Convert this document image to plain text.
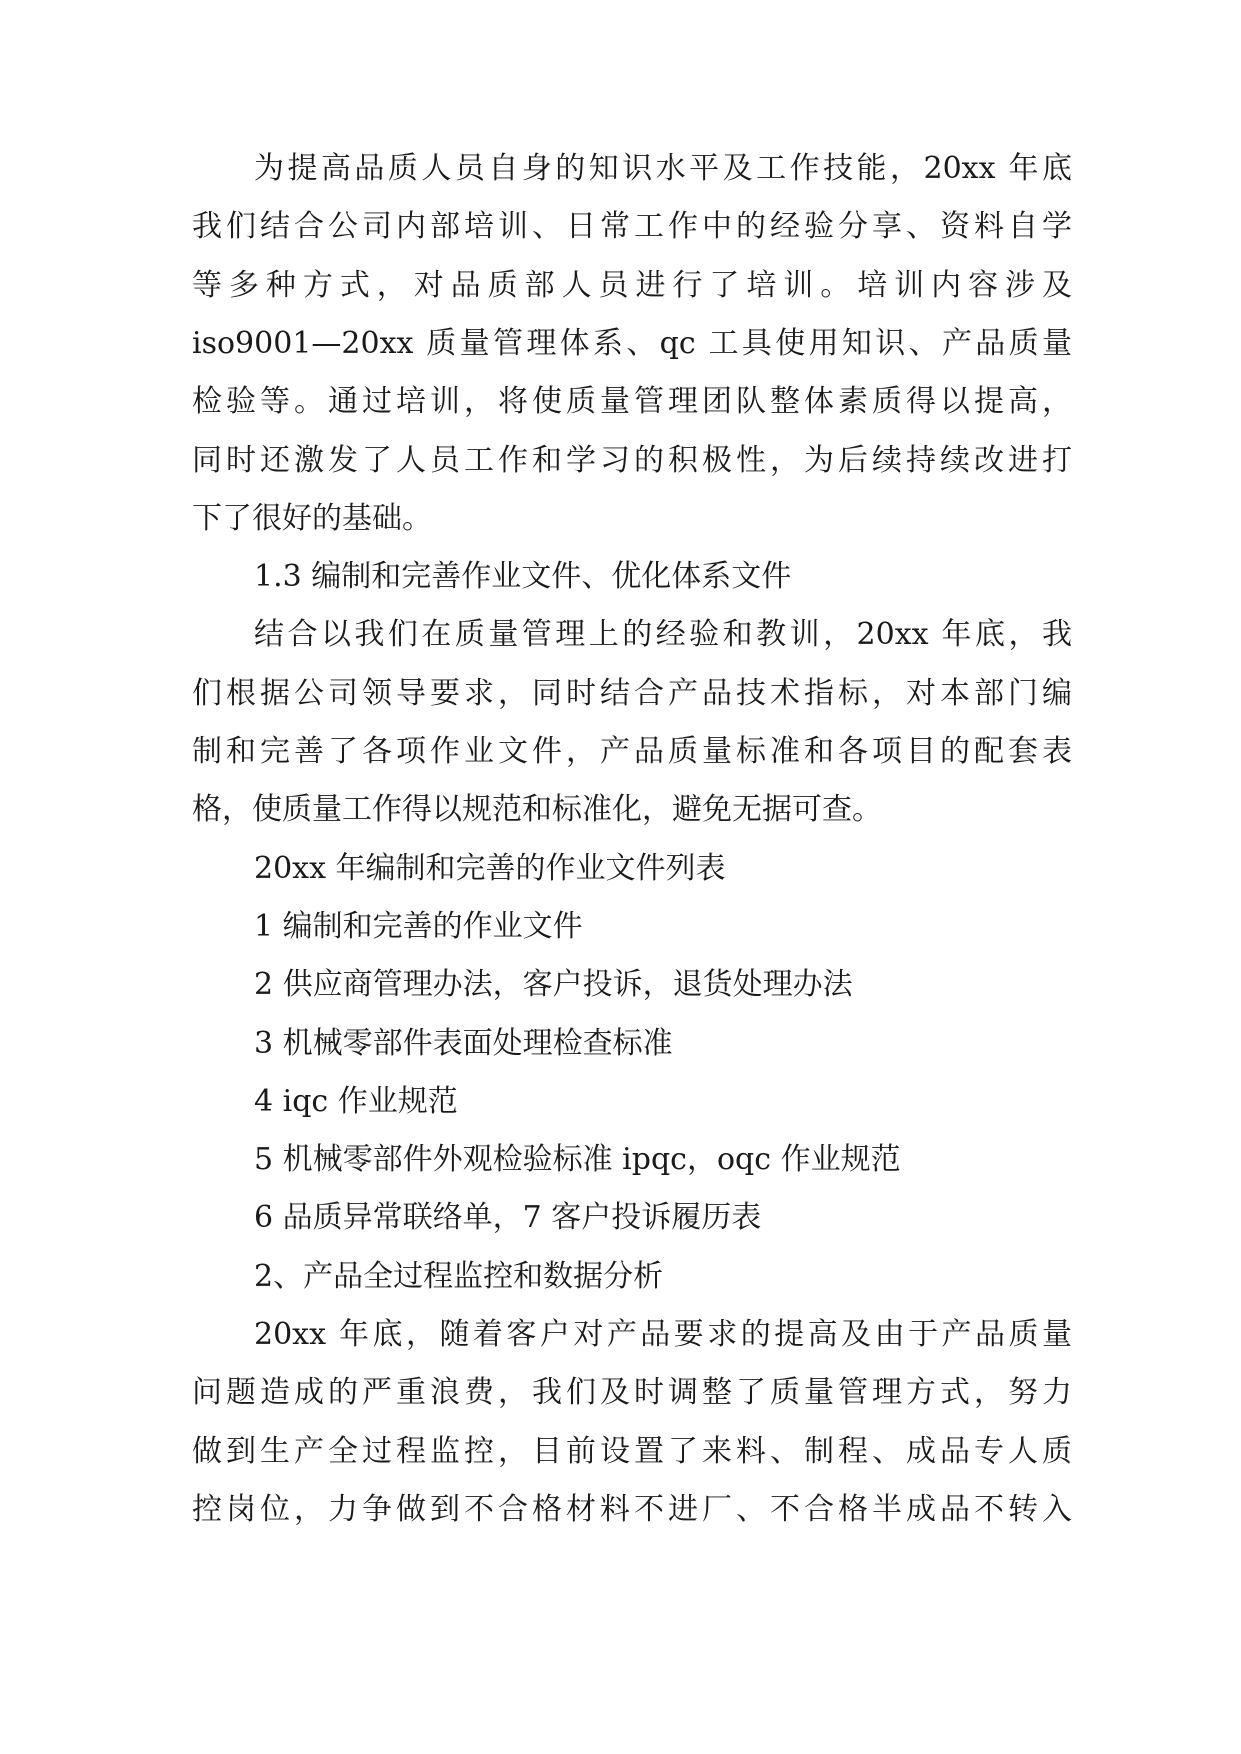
为提高品质人员自身的知识水平及工作技能，20xx 年底
我们结合公司内部培训、日常工作中的经验分享、资料自学
等多种方式，对品质部人员进行了培训。培训内容涉及
iso9001—20xx 质量管理体系、qc 工具使用知识、产品质量
检验等。通过培训，将使质量管理团队整体素质得以提高，
同时还激发了人员工作和学习的积极性，为后续持续改进打
下了很好的基础。
1.3 编制和完善作业文件、优化体系文件
结合以我们在质量管理上的经验和教训，20xx 年底，我
们根据公司领导要求，同时结合产品技术指标，对本部门编
制和完善了各项作业文件，产品质量标准和各项目的配套表
格，使质量工作得以规范和标准化，避免无据可查。
20xx 年编制和完善的作业文件列表
1 编制和完善的作业文件
2 供应商管理办法，客户投诉，退货处理办法
3 机械零部件表面处理检查标准
4 iqc 作业规范
5 机械零部件外观检验标准 ipqc，oqc 作业规范
6 品质异常联络单，7 客户投诉履历表
2、产品全过程监控和数据分析
20xx 年底，随着客户对产品要求的提高及由于产品质量
问题造成的严重浪费，我们及时调整了质量管理方式，努力
做到生产全过程监控，目前设置了来料、制程、成品专人质
控岗位，力争做到不合格材料不进厂、不合格半成品不转入
